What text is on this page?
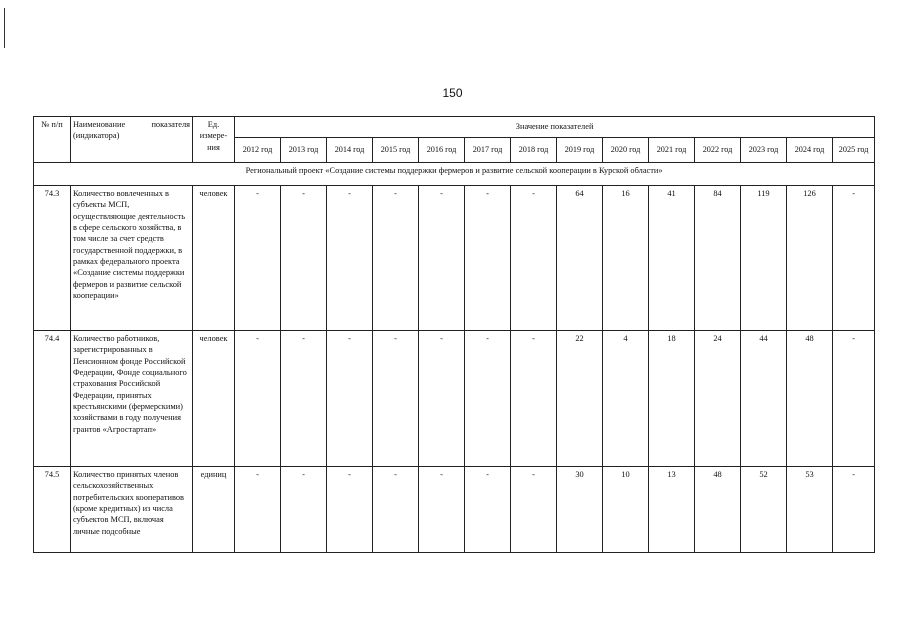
150
№ п/п	Наименование показателя (индикатора)	Ед. измере-ния	Значение показателей													
			2012 год	2013 год	2014 год	2015 год	2016 год	2017 год	2018 год	2019 год	2020 год	2021 год	2022 год	2023 год	2024 год	2025 год
Региональный проект «Создание системы поддержки фермеров и развитие сельской кооперации в Курской области»																
74.3	Количество вовлеченных в субъекты МСП, осуществляющие деятельность в сфере сельского хозяйства, в том числе за счет средств государственной поддержки, в рамках федерального проекта «Создание системы поддержки фермеров и развитие сельской кооперации»	человек	-	-	-	-	-	-	-	64	16	41	84	119	126	-
74.4	Количество работников, зарегистрированных в Пенсионном фонде Российской Федерации, Фонде социального страхования Российской Федерации, принятых крестьянскими (фермерскими) хозяйствами в году получения грантов «Агростартап»	человек	-	-	-	-	-	-	-	22	4	18	24	44	48	-
74.5	Количество принятых членов сельскохозяйственных потребительских кооперативов (кроме кредитных) из числа субъектов МСП, включая личные подсобные	единиц	-	-	-	-	-	-	-	30	10	13	48	52	53	-
